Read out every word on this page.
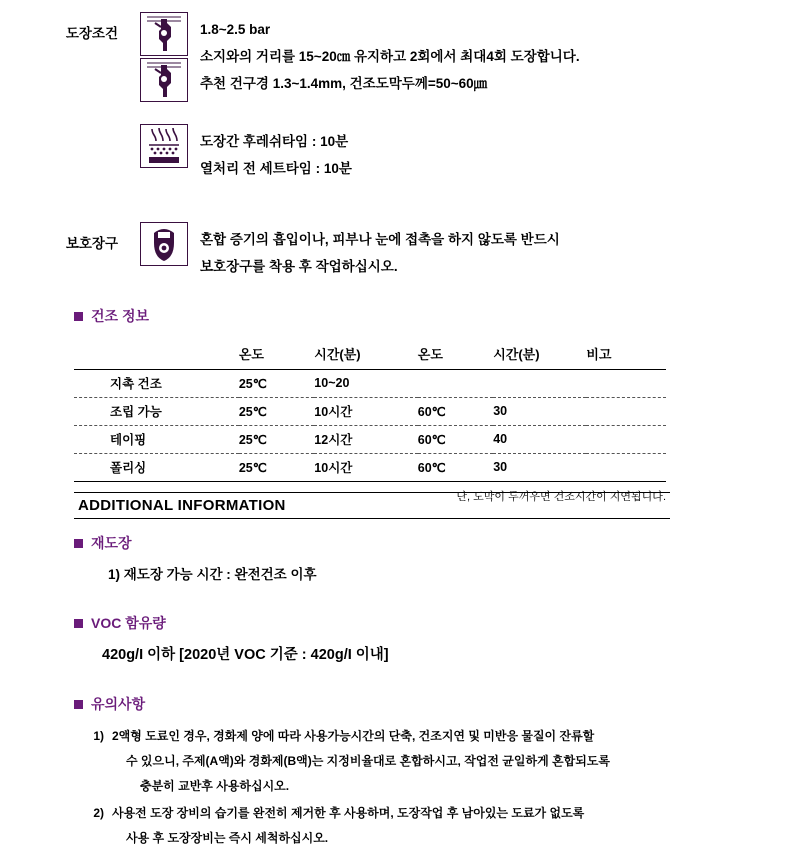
도장조건	1.8~2.5 bar
소지와의 거리를 15~20㎝ 유지하고 2회에서 최대4회 도장합니다.
추천 건구경 1.3~1.4mm, 건조도막두께=50~60㎛
도장간 후레쉬타임 : 10분
열처리 전 세트타임 : 10분
보호장구	혼합 증기의 흡입이나, 피부나 눈에 접촉을 하지 않도록 반드시
보호장구를 착용 후 작업하십시오.
건조 정보
	온도	시간(분)	온도	시간(분)	비고
지촉 건조	25℃	10~20			
조립 가능	25℃	10시간	60℃	30	
테이핑	25℃	12시간	60℃	40	
폴리싱	25℃	10시간	60℃	30	
단, 도막이 두꺼우면 건조시간이 지연됩니다.
ADDITIONAL INFORMATION
재도장
1) 재도장 가능 시간 : 완전건조 이후
VOC 함유량
420g/I 이하 [2020년 VOC 기준 : 420g/I 이내]
유의사항
1) 2액형 도료인 경우, 경화제 양에 따라 사용가능시간의 단축, 건조지연 및 미반응 물질이 잔류할
수 있으니, 주제(A액)와 경화제(B액)는 지정비율대로 혼합하시고, 작업전 균일하게 혼합되도록
충분히 교반후 사용하십시오.
2) 사용전 도장 장비의 습기를 완전히 제거한 후 사용하며, 도장작업 후 남아있는 도료가 없도록
사용 후 도장장비는 즉시 세척하십시오.
